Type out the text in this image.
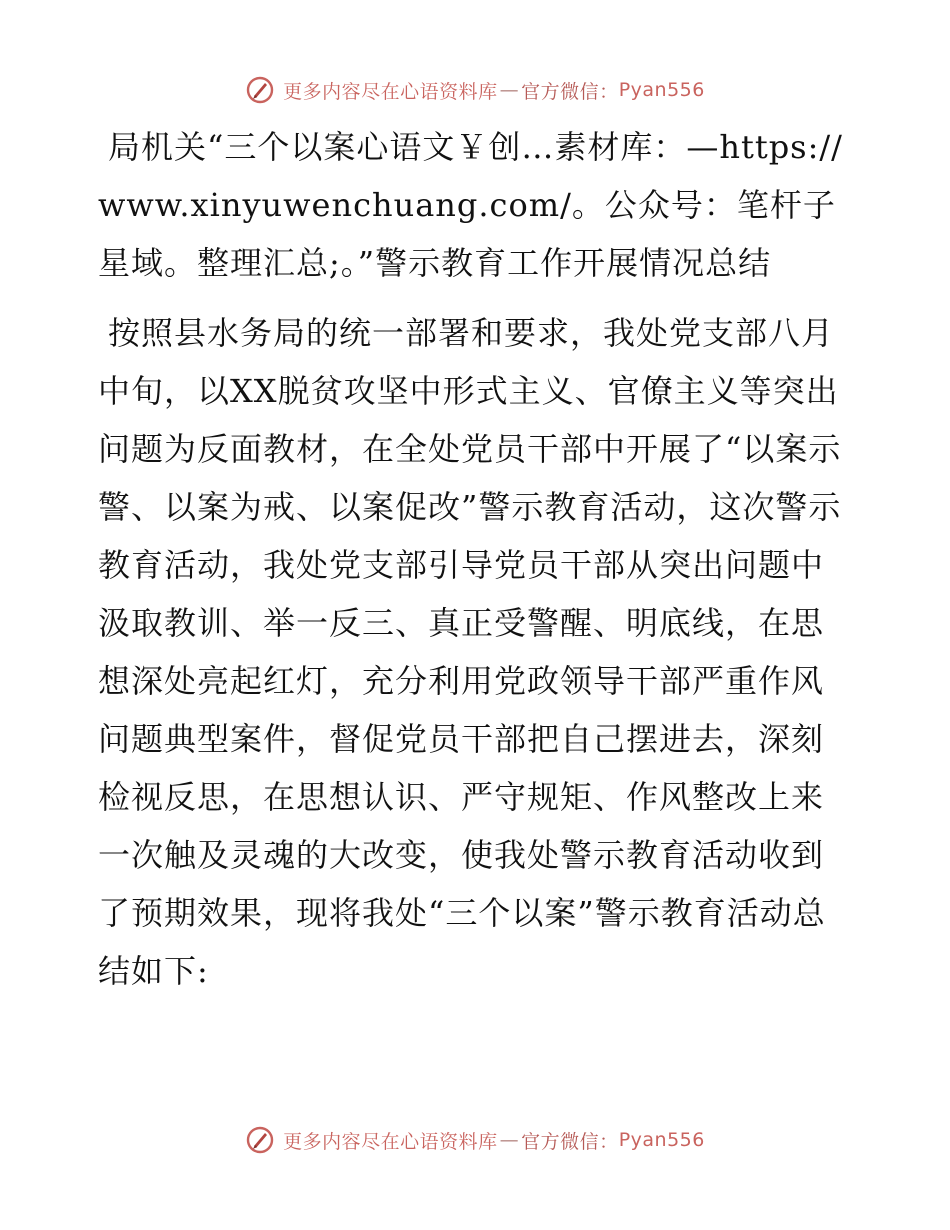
更多内容尽在心语资料库 — 官方微信： Pyan556

局机关“三个以案心语文￥创…素材库：—https://www.xinyuwenchuang.com/。公众号：笔杆子星域。整理汇总;。”警示教育工作开展情况总结

按照县水务局的统一部署和要求，我处党支部八月中旬，以XX脱贫攻坚中形式主义、官僚主义等突出问题为反面教材，在全处党员干部中开展了“以案示警、以案为戒、以案促改”警示教育活动，这次警示教育活动，我处党支部引导党员干部从突出问题中汲取教训、举一反三、真正受警醒、明底线，在思想深处亮起红灯，充分利用党政领导干部严重作风问题典型案件，督促党员干部把自己摆进去，深刻检视反思，在思想认识、严守规矩、作风整改上来一次触及灵魂的大改变，使我处警示教育活动收到了预期效果，现将我处“三个以案”警示教育活动总结如下:

更多内容尽在心语资料库 — 官方微信： Pyan556
